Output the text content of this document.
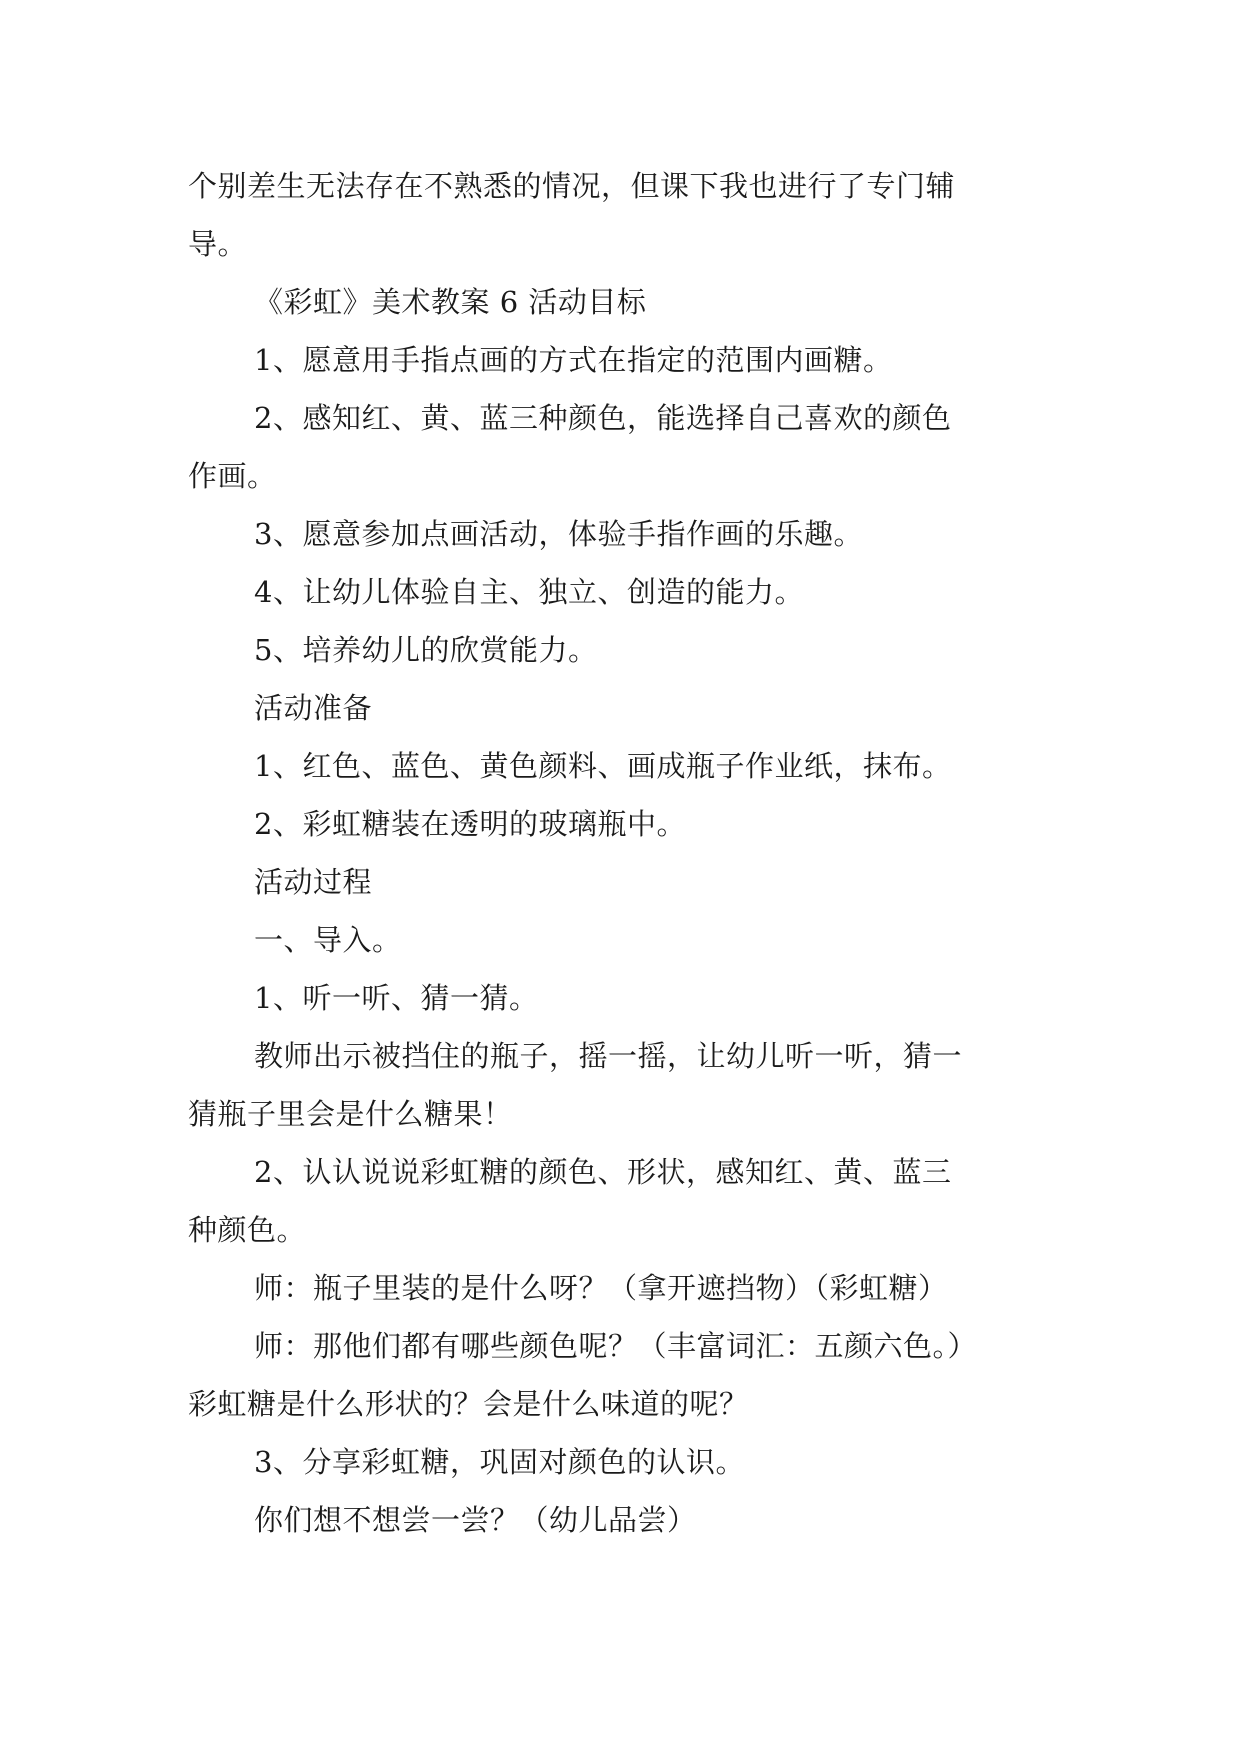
个别差生无法存在不熟悉的情况，但课下我也进行了专门辅
导。
《彩虹》美术教案 6 活动目标
1、愿意用手指点画的方式在指定的范围内画糖。
2、感知红、黄、蓝三种颜色，能选择自己喜欢的颜色
作画。
3、愿意参加点画活动，体验手指作画的乐趣。
4、让幼儿体验自主、独立、创造的能力。
5、培养幼儿的欣赏能力。
活动准备
1、红色、蓝色、黄色颜料、画成瓶子作业纸，抹布。
2、彩虹糖装在透明的玻璃瓶中。
活动过程
一、导入。
1、听一听、猜一猜。
教师出示被挡住的瓶子，摇一摇，让幼儿听一听，猜一
猜瓶子里会是什么糖果！
2、认认说说彩虹糖的颜色、形状，感知红、黄、蓝三
种颜色。
师：瓶子里装的是什么呀？（拿开遮挡物）（彩虹糖）
师：那他们都有哪些颜色呢？（丰富词汇：五颜六色。）
彩虹糖是什么形状的？会是什么味道的呢？
3、分享彩虹糖，巩固对颜色的认识。
你们想不想尝一尝？（幼儿品尝）
